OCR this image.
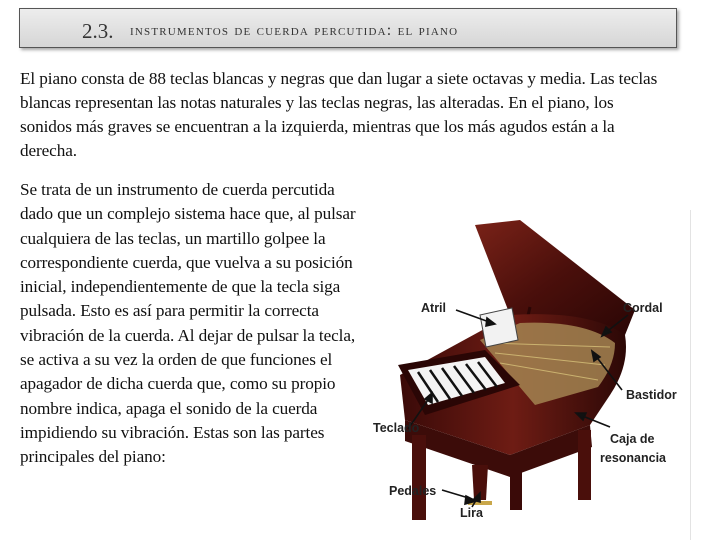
2.3. instrumentos de cuerda percutida: el piano
El piano consta de 88 teclas blancas y negras que dan lugar a siete octavas y media. Las teclas blancas representan las notas naturales y las teclas negras, las alteradas. En el piano, los sonidos más graves se encuentran a la izquierda, mientras que los más agudos están a la derecha.
Se trata de un instrumento de cuerda percutida dado que un complejo sistema hace que, al pulsar cualquiera de las teclas, un martillo golpee la correspondiente cuerda, que vuelva a su posición inicial, independientemente de que la tecla siga pulsada. Esto es así para permitir la correcta vibración de la cuerda. Al dejar de pulsar la tecla, se activa a su vez la orden de que funciones el apagador de dicha cuerda que, como su propio nombre indica, apaga el sonido de la cuerda impidiendo su vibración. Estas son las partes principales del piano:
Atril	Cordal
Bastidor
Teclado
Caja de
resonancia
Pedales
Lira
